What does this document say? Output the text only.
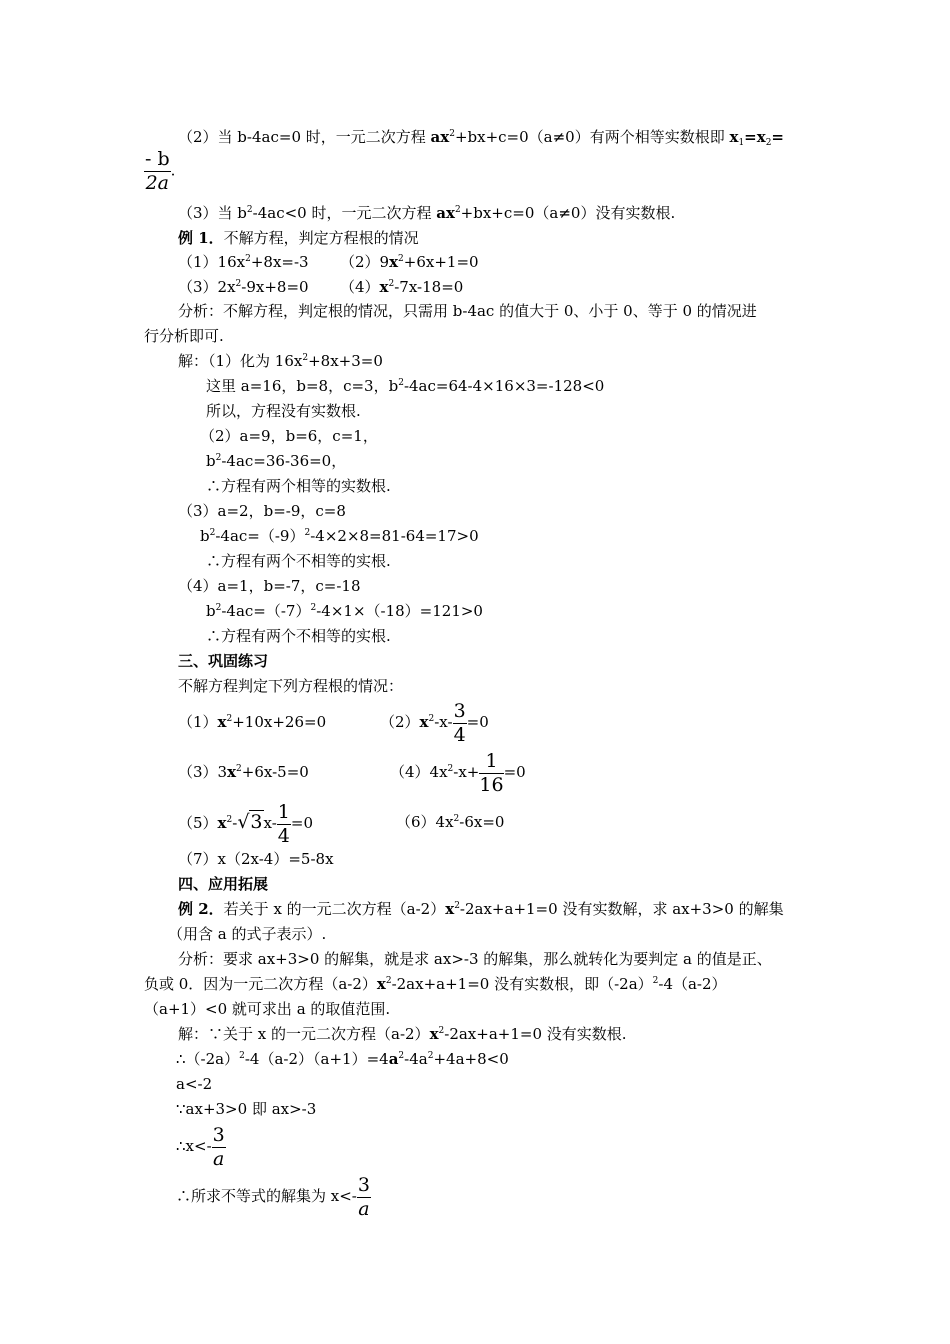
（2）当 b-4ac=0 时，一元二次方程 $ax^2+bx+c=0(a\ne 0)$有两个相等实数根即 $x_1=x_2=$
$\frac{- b}{2a}$ .
（3）当 $b^2-4ac<0$ 时，一元二次方程 $ax^2+bx+c=0(a\ne 0)$没有实数根.
例 1．不解方程，判定方程根的情况
$(1)16x^2+8x=-3$ $(2)9x^2+6x+1=0$
$(3)2x^2-9x+8=0$ $(4)x^2-7x-18=0$
分析：不解方程，判定根的情况，只需用 b-4ac 的值大于 0、小于 0、等于 0 的情况进
行分析即可.
解：（1）化为 $16x^2+8x+3=0$
这里 a=16，b=8，c=3，$b^2-4ac=64-4\times 16\times 3=-128<0$
所以，方程没有实数根.
（2）a=9，b=6，c=1，
$b^2-4ac=36-36=0$，
∴方程有两个相等的实数根.
（3）a=2，b=-9，c=8
$b^2-4ac=(-9)^2-4\times 2\times 8=81-64=17>0$
∴方程有两个不相等的实根.
（4）a=1，b=-7，c=-18
$b^2-4ac=(-7)^2-4\times 1\times(-18)=121>0$
∴方程有两个不相等的实根.
三、巩固练习
不解方程判定下列方程根的情况：
$(1)x^2+10x+26=0$	$(2)x^2-x- \frac{3}{4} =0$
$(3)3x^2+6x-5=0$	$(4)4x^2-x+ \frac{1}{16} =0$
$(5)x^2-√3x- \frac{1}{4} =0$	$(6)4x^2-6x=0$
（7）x（2x-4）=5-8x
四、应用拓展
例 2．若关于 x 的一元二次方程$(a-2)x^2-2ax+a+1=0$ 没有实数解，求 ax+3>0 的解集
（用含 a 的式子表示）.
分析：要求 ax+3>0 的解集，就是求 ax>-3 的解集，那么就转化为要判定 a 的值是正、
负或 0．因为一元二次方程$(a-2)x^2-2ax+a+1=0$ 没有实数根，即$(-2a)^2-4(a-2)$
（a+1）<0 就可求出 a 的取值范围.
解：∵关于 x 的一元二次方程$(a-2)x^2-2ax+a+1=0$ 没有实数根.
$\therefore(-2a)^2-4(a-2)(a+1)=4a^2-4a^2+4a+8<0$
a<-2
∵ax+3>0 即 ax>-3
∴x<- $\frac{3}{a}$
∴所求不等式的解集为 $x<- \frac{3}{a}$
